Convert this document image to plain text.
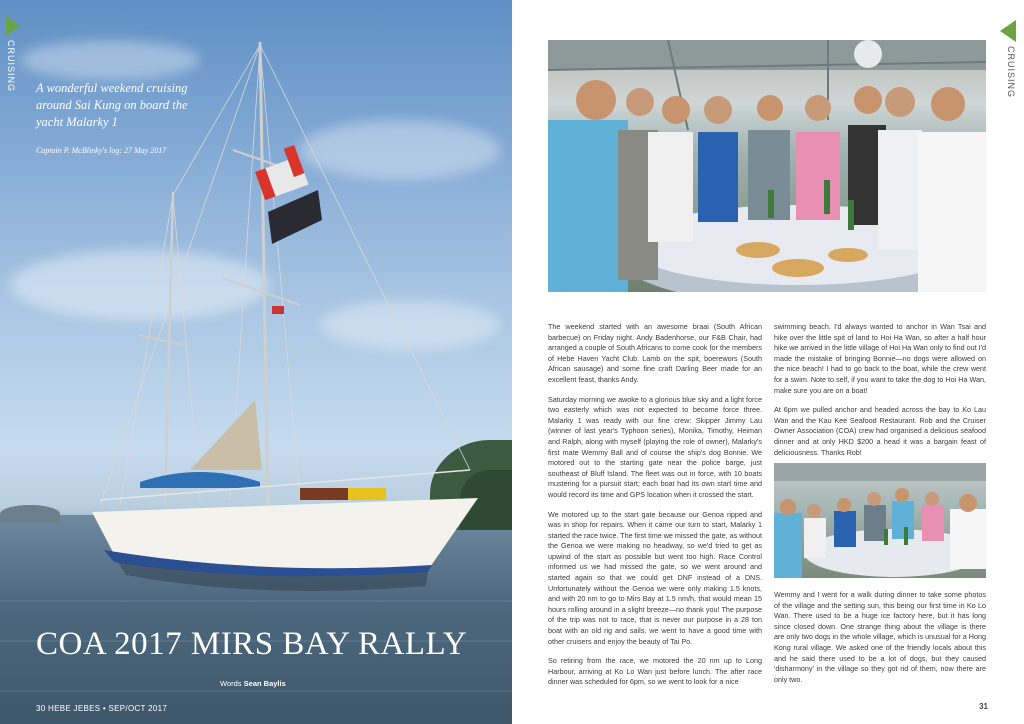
CRUISING A wonderful weekend cruising around Sai Kung on board the yacht Malarky 1
Captain P. McBlinky's log: 27 May 2017
COA 2017 MIRS BAY RALLY
Words Sean Baylis
30 HEBE JEBES • SEP/OCT 2017
CRUISING

The weekend started with an awesome braai (South African barbecue) on Friday night. Andy Badenhorse, our F&B Chair, had arranged a couple of South Africans to come cook for the members of Hebe Haven Yacht Club. Lamb on the spit, boerewors (South African sausage) and some fine craft Darling Beer made for an excellent feast, thanks Andy.

Saturday morning we awoke to a glorious blue sky and a light force two easterly which was not expected to become force three. Malarky 1 was ready with our fine crew: Skipper Jimmy Lau (winner of last year's Typhoon series), Monika, Timothy, Heiman and Ralph, along with myself (playing the role of owner), Malarky's first mate Wemmy Ball and of course the ship's dog Bonnie. We motored out to the starting gate near the police barge, just southeast of Bluff Island. The fleet was out in force, with 10 boats mustering for a pursuit start; each boat had its own start time and would record its time and GPS location when it crossed the start.

We motored up to the start gate because our Genoa ripped and was in shop for repairs. When it came our turn to start, Malarky 1 started the race twice. The first time we missed the gate, as without the Genoa we were making no headway, so we'd tried to get as upwind of the start as possible but went too high. Race Control informed us we had missed the gate, so we went around and started again so that we could get DNF instead of a DNS. Unfortunately without the Genoa we were only making 1.5 knots, and with 20 nm to go to Mirs Bay at 1.5 nm/h, that would mean 15 hours rolling around in a slight breeze—no thank you! The purpose of the trip was not to race, that is never our purpose in a 28 ton boat with an old rig and sails, we went to have a good time with other cruisers and enjoy the beauty of Tai Po.

So retiring from the race, we motored the 20 nm up to Long Harbour, arriving at Ko Lo Wan just before lunch. The after race dinner was scheduled for 6pm, so we went to look for a nice

swimming beach. I'd always wanted to anchor in Wan Tsai and hike over the little spit of land to Hoi Ha Wan, so after a half hour hike we arrived in the little village of Hoi Ha Wan only to find out I'd made the mistake of bringing Bonnie—no dogs were allowed on the nice beach! I had to go back to the boat, while the crew went for a swim. Note to self, if you want to take the dog to Hoi Ha Wan, make sure you are on a boat!

At 6pm we pulled anchor and headed across the bay to Ko Lau Wan and the Kau Kee Seafood Restaurant. Rob and the Cruiser Owner Association (COA) crew had organised a delicious seafood dinner and at only HKD $200 a head it was a bargain feast of deliciousness. Thanks Rob!

Wemmy and I went for a walk during dinner to take some photos of the village and the setting sun, this being our first time in Ko Lo Wan. There used to be a huge ice factory here, but it has long since closed down. One strange thing about the village is there are only two dogs in the whole village, which is unusual for a Hong Kong rural village. We asked one of the friendly locals about this and he said there used to be a lot of dogs, but they caused 'disharmony' in the village so they got rid of them, now there are only two.

31
